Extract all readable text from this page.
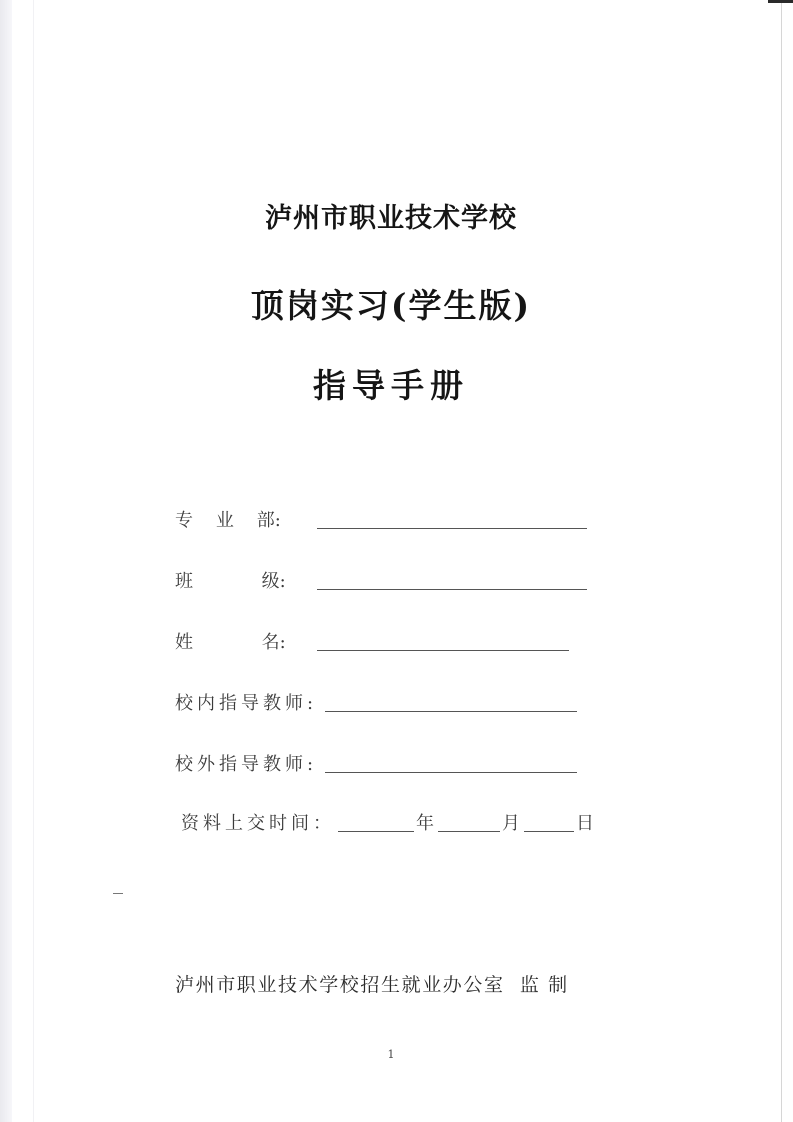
泸州市职业技术学校
顶岗实习(学生版)
指导手册
专    业    部:
班            级:
姓            名:
校内指导教师:
校外指导教师:
资料上交时间：	年	月	日
泸州市职业技术学校招生就业办公室  监 制
1
